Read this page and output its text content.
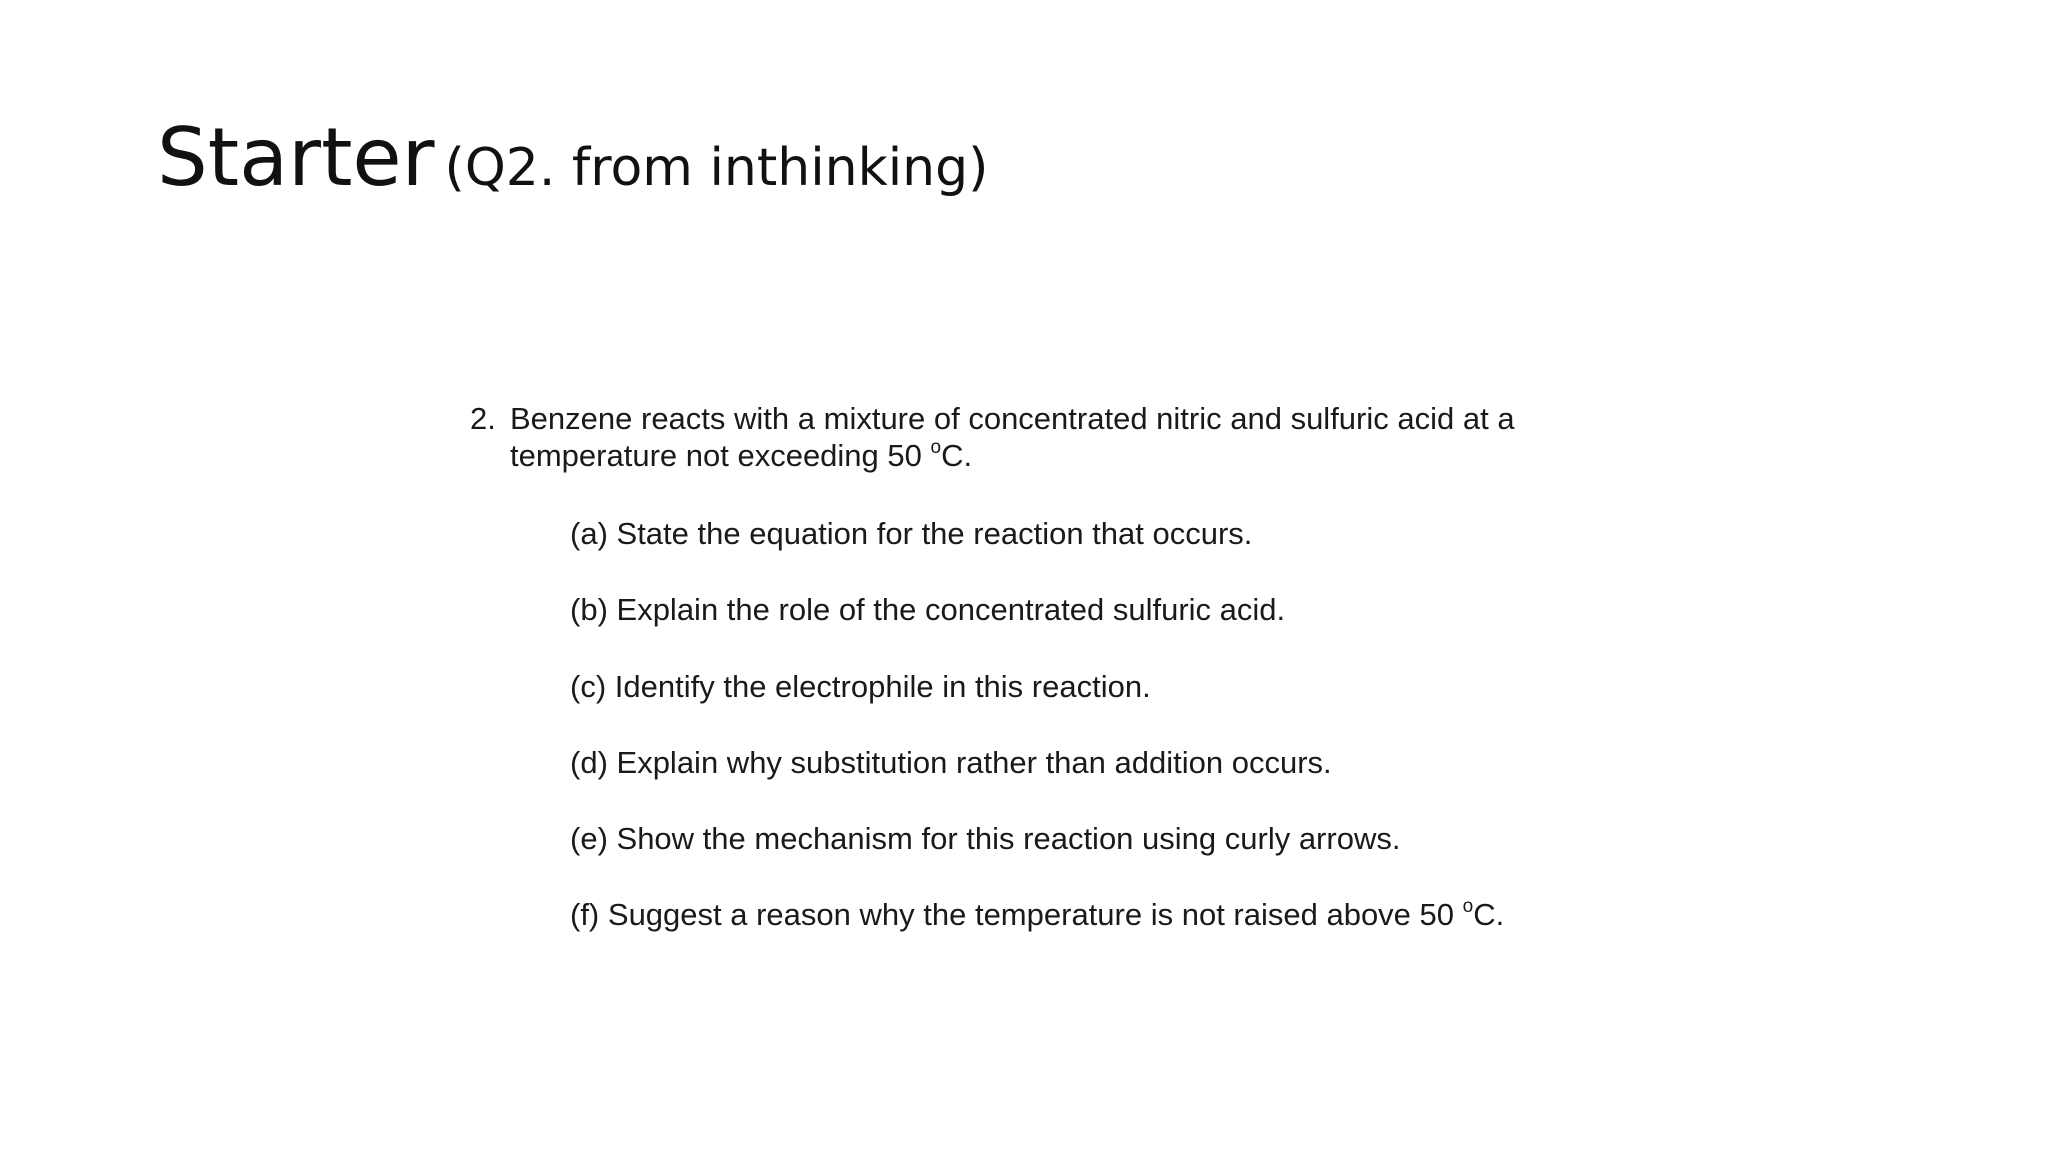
Starter (Q2. from inthinking)
2. Benzene reacts with a mixture of concentrated nitric and sulfuric acid at a
temperature not exceeding 50 $^o$C.
(a) State the equation for the reaction that occurs.
(b) Explain the role of the concentrated sulfuric acid.
(c) Identify the electrophile in this reaction.
(d) Explain why substitution rather than addition occurs.
(e) Show the mechanism for this reaction using curly arrows.
(f) Suggest a reason why the temperature is not raised above 50 $^o$C.
